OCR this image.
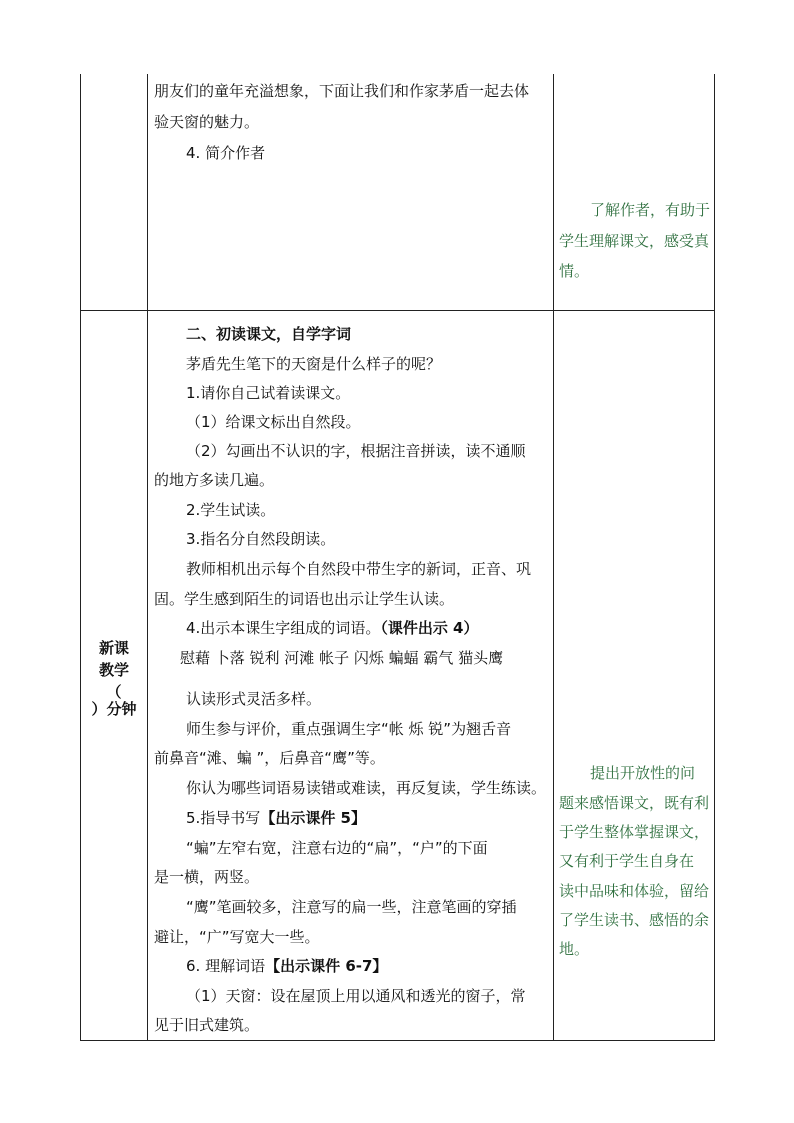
朋友们的童年充溢想象，下面让我们和作家茅盾一起去体
验天窗的魅力。
4. 简介作者
了解作者，有助于
学生理解课文，感受真
情。
新课
教学
（
）分钟
二、初读课文，自学字词
茅盾先生笔下的天窗是什么样子的呢？
1.请你自己试着读课文。
（1）给课文标出自然段。
（2）勾画出不认识的字，根据注音拼读，读不通顺
的地方多读几遍。
2.学生试读。
3.指名分自然段朗读。
教师相机出示每个自然段中带生字的新词，正音、巩
固。学生感到陌生的词语也出示让学生认读。
4.出示本课生字组成的词语。（课件出示 4）
慰藉 卜落 锐利 河滩 帐子 闪烁 蝙蝠 霸气 猫头鹰
认读形式灵活多样。
师生参与评价，重点强调生字“帐 烁 锐”为翘舌音
前鼻音“滩、蝙 ”，后鼻音“鹰”等。
你认为哪些词语易读错或难读，再反复读，学生练读。
5.指导书写【出示课件 5】
“蝙”左窄右宽，注意右边的“扁”，“户”的下面
是一横，两竖。
“鹰”笔画较多，注意写的扁一些，注意笔画的穿插
避让，“广”写宽大一些。
6. 理解词语【出示课件 6-7】
（1）天窗：设在屋顶上用以通风和透光的窗子，常
见于旧式建筑。
提出开放性的问
题来感悟课文，既有利
于学生整体掌握课文，
又有利于学生自身在
读中品味和体验，留给
了学生读书、感悟的余
地。
